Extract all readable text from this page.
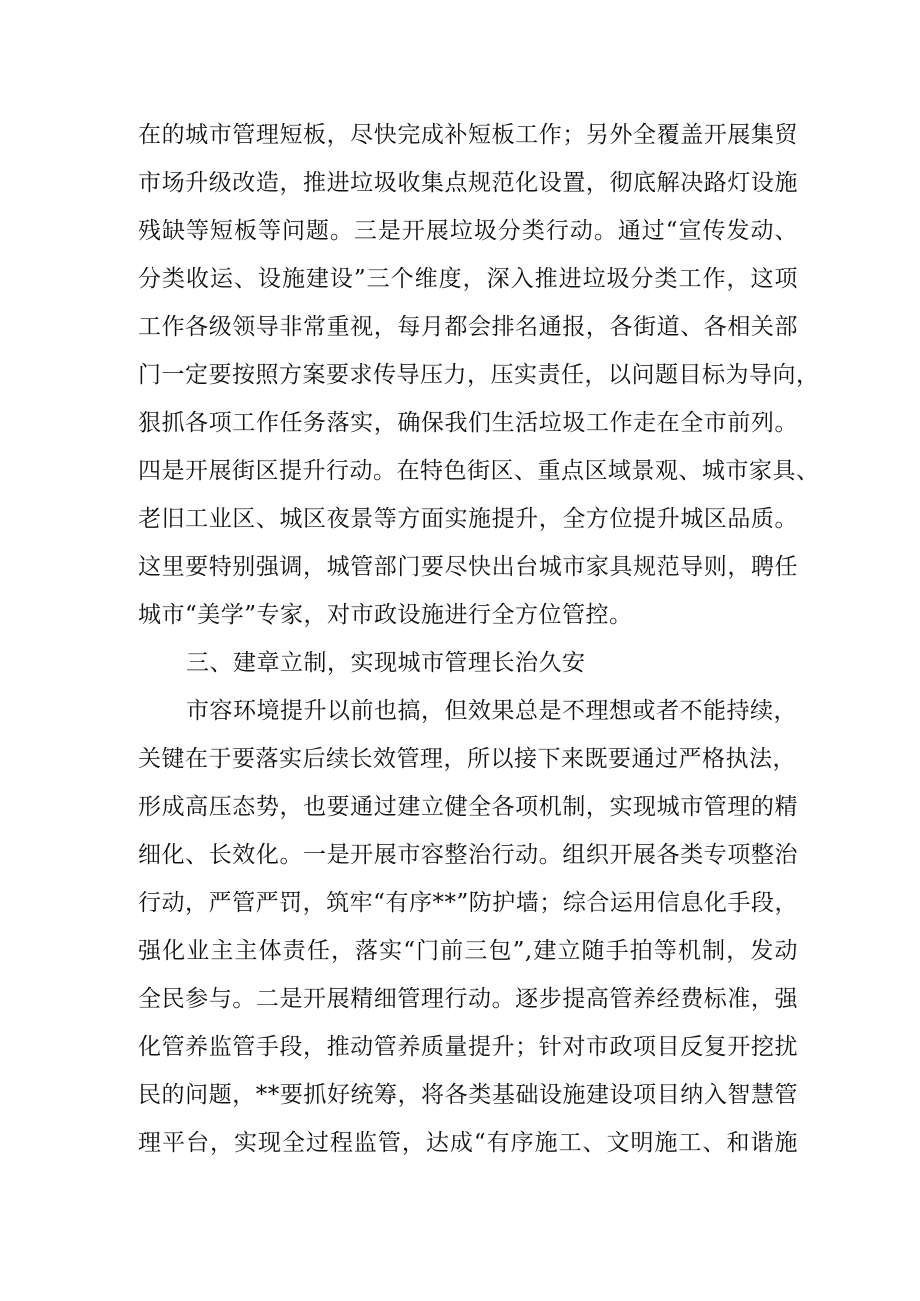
在的城市管理短板，尽快完成补短板工作；另外全覆盖开展集贸
市场升级改造，推进垃圾收集点规范化设置，彻底解决路灯设施
残缺等短板等问题。三是开展垃圾分类行动。通过“宣传发动、
分类收运、设施建设”三个维度，深入推进垃圾分类工作，这项
工作各级领导非常重视，每月都会排名通报，各街道、各相关部
门一定要按照方案要求传导压力，压实责任，以问题目标为导向，
狠抓各项工作任务落实，确保我们生活垃圾工作走在全市前列。
四是开展街区提升行动。在特色街区、重点区域景观、城市家具、
老旧工业区、城区夜景等方面实施提升，全方位提升城区品质。
这里要特别强调，城管部门要尽快出台城市家具规范导则，聘任
城市“美学”专家，对市政设施进行全方位管控。
三、建章立制，实现城市管理长治久安
市容环境提升以前也搞，但效果总是不理想或者不能持续，
关键在于要落实后续长效管理，所以接下来既要通过严格执法，
形成高压态势，也要通过建立健全各项机制，实现城市管理的精
细化、长效化。一是开展市容整治行动。组织开展各类专项整治
行动，严管严罚，筑牢“有序**”防护墙；综合运用信息化手段，
强化业主主体责任，落实“门前三包”,建立随手拍等机制，发动
全民参与。二是开展精细管理行动。逐步提高管养经费标准，强
化管养监管手段，推动管养质量提升；针对市政项目反复开挖扰
民的问题，**要抓好统筹，将各类基础设施建设项目纳入智慧管
理平台，实现全过程监管，达成“有序施工、文明施工、和谐施
